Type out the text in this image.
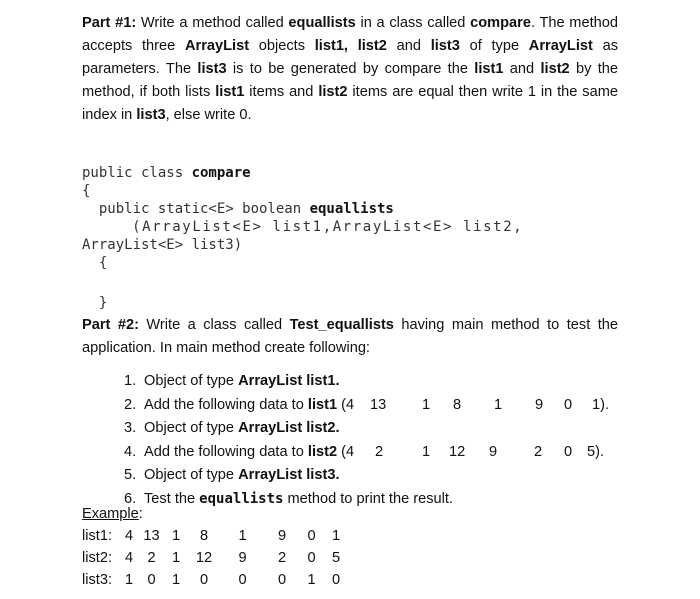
Part #1: Write a method called equallists in a class called compare. The method accepts three ArrayList objects list1, list2 and list3 of type ArrayList as parameters. The list3 is to be generated by compare the list1 and list2 by the method, if both lists list1 items and list2 items are equal then write 1 in the same index in list3, else write 0.

public class compare
{
public static<E> boolean equallists
(ArrayList<E> list1,ArrayList<E> list2,
ArrayList<E> list3)
{
}

Part #2: Write a class called Test_equallists having main method to test the application. In main method create following:

1. Object of type ArrayList list1.
2. Add the following data to list1 (4 13 1 8 1 9 0 1).
3. Object of type ArrayList list2.
4. Add the following data to list2 (4 2	1 12 9	2 0 5).
5. Object of type ArrayList list3.
6. Test the equallists method to print the result.
Example:
list1:	4	13	1	8	1	9	0	1
list2:	4	2	1	12	9	2	0	5
list3:	1	0	1	0	0	0	1	0
